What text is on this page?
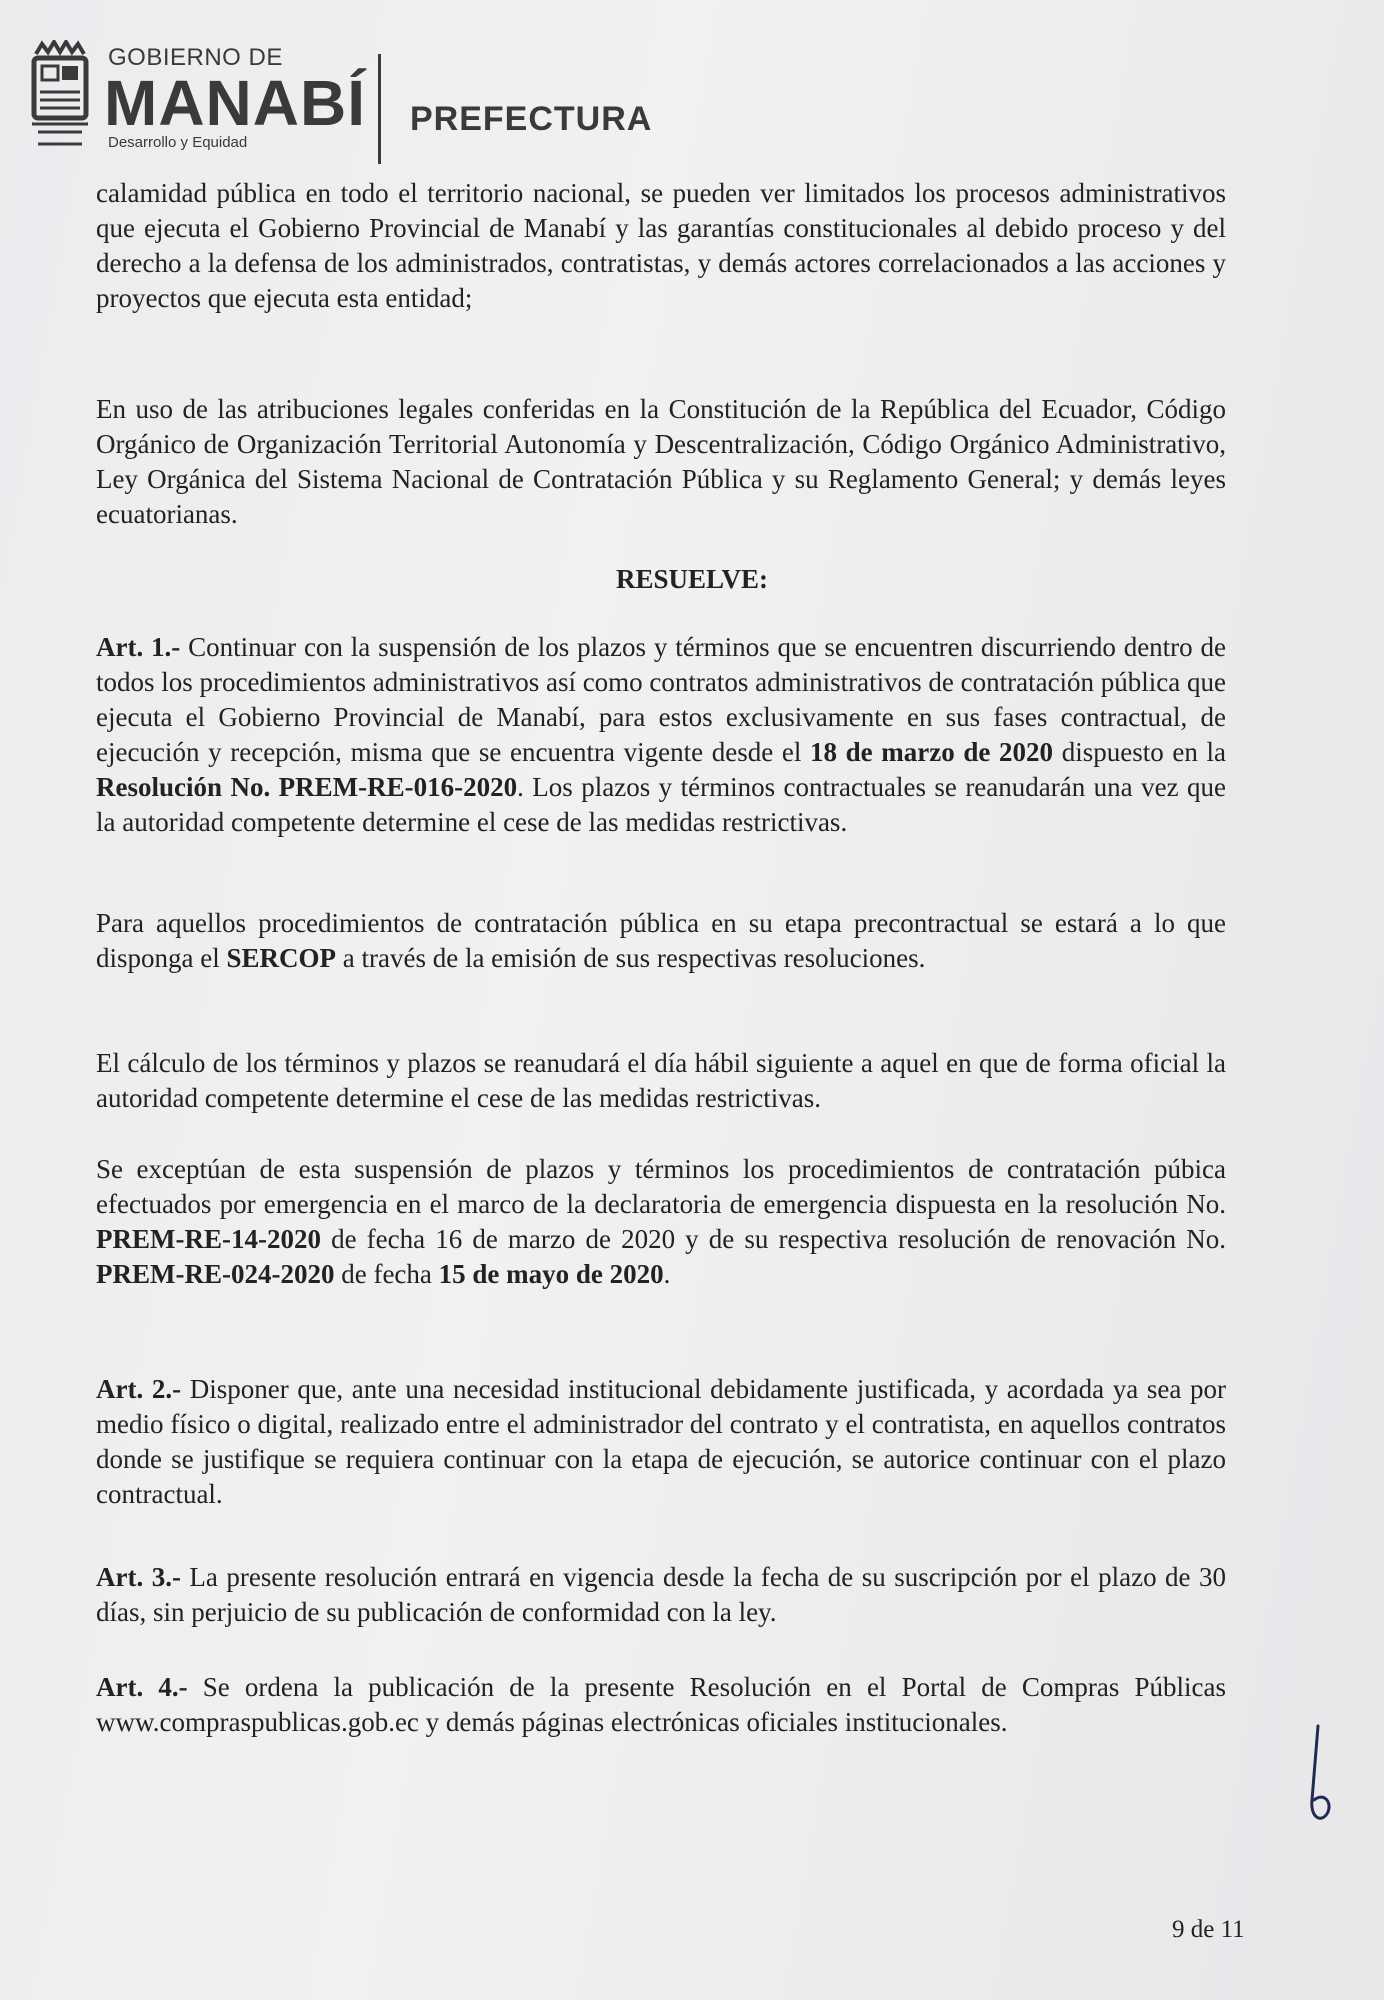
GOBIERNO DE
MANABÍ
Desarrollo y Equidad
PREFECTURA
calamidad pública en todo el territorio nacional, se pueden ver limitados los procesos administrativos que ejecuta el Gobierno Provincial de Manabí y las garantías constitucionales al debido proceso y del derecho a la defensa de los administrados, contratistas, y demás actores correlacionados a las acciones y proyectos que ejecuta esta entidad;
En uso de las atribuciones legales conferidas en la Constitución de la República del Ecuador, Código Orgánico de Organización Territorial Autonomía y Descentralización, Código Orgánico Administrativo, Ley Orgánica del Sistema Nacional de Contratación Pública y su Reglamento General; y demás leyes ecuatorianas.
RESUELVE:
Art. 1.- Continuar con la suspensión de los plazos y términos que se encuentren discurriendo dentro de todos los procedimientos administrativos así como contratos administrativos de contratación pública que ejecuta el Gobierno Provincial de Manabí, para estos exclusivamente en sus fases contractual, de ejecución y recepción, misma que se encuentra vigente desde el 18 de marzo de 2020 dispuesto en la Resolución No. PREM-RE-016-2020. Los plazos y términos contractuales se reanudarán una vez que la autoridad competente determine el cese de las medidas restrictivas.
Para aquellos procedimientos de contratación pública en su etapa precontractual se estará a lo que disponga el SERCOP a través de la emisión de sus respectivas resoluciones.
El cálculo de los términos y plazos se reanudará el día hábil siguiente a aquel en que de forma oficial la autoridad competente determine el cese de las medidas restrictivas.
Se exceptúan de esta suspensión de plazos y términos los procedimientos de contratación púbica efectuados por emergencia en el marco de la declaratoria de emergencia dispuesta en la resolución No. PREM-RE-14-2020 de fecha 16 de marzo de 2020 y de su respectiva resolución de renovación No. PREM-RE-024-2020 de fecha 15 de mayo de 2020.
Art. 2.- Disponer que, ante una necesidad institucional debidamente justificada, y acordada ya sea por medio físico o digital, realizado entre el administrador del contrato y el contratista, en aquellos contratos donde se justifique se requiera continuar con la etapa de ejecución, se autorice continuar con el plazo contractual.
Art. 3.- La presente resolución entrará en vigencia desde la fecha de su suscripción por el plazo de 30 días, sin perjuicio de su publicación de conformidad con la ley.
Art. 4.- Se ordena la publicación de la presente Resolución en el Portal de Compras Públicas www.compraspublicas.gob.ec y demás páginas electrónicas oficiales institucionales.
9 de 11
